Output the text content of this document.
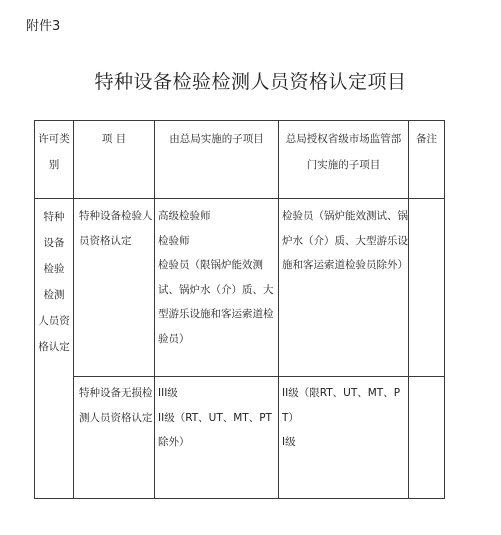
附件3
特种设备检验检测人员资格认定项目
许可类
别
项 目	由总局实施的子项目	总局授权省级市场监管部
门实施的子项目
备注
特种
设备
检验
检测
人员资
格认定
特种设备检验人
员资格认定
高级检验师
检验师
检验员（限锅炉能效测
试、锅炉水（介）质、大
型游乐设施和客运索道检
验员）
检验员（锅炉能效测试、锅
炉水（介）质、大型游乐设
施和客运索道检验员除外）
特种设备无损检
测人员资格认定
III级
II级（RT、UT、MT、PT
除外）
II级（限RT、UT、MT、P
T）
I级
